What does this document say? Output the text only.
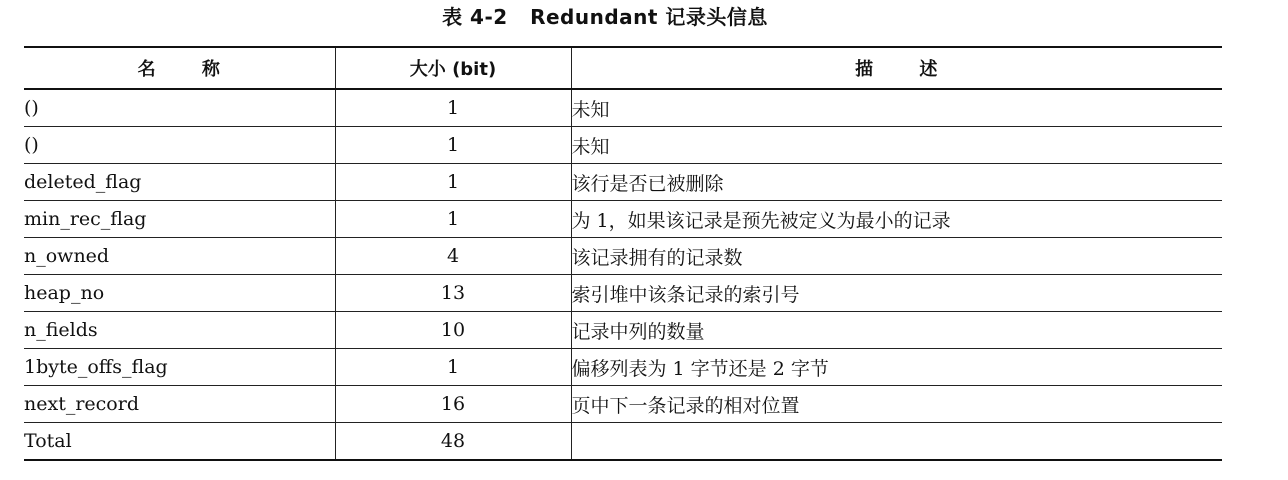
表 4-2 Redundant 记录头信息
名 称	大小 (bit)	描 述
()	1	未知
()	1	未知
deleted_flag	1	该行是否已被删除
min_rec_flag	1	为 1，如果该记录是预先被定义为最小的记录
n_owned	4	该记录拥有的记录数
heap_no	13	索引堆中该条记录的索引号
n_fields	10	记录中列的数量
1byte_offs_flag	1	偏移列表为 1 字节还是 2 字节
next_record	16	页中下一条记录的相对位置
Total	48	
